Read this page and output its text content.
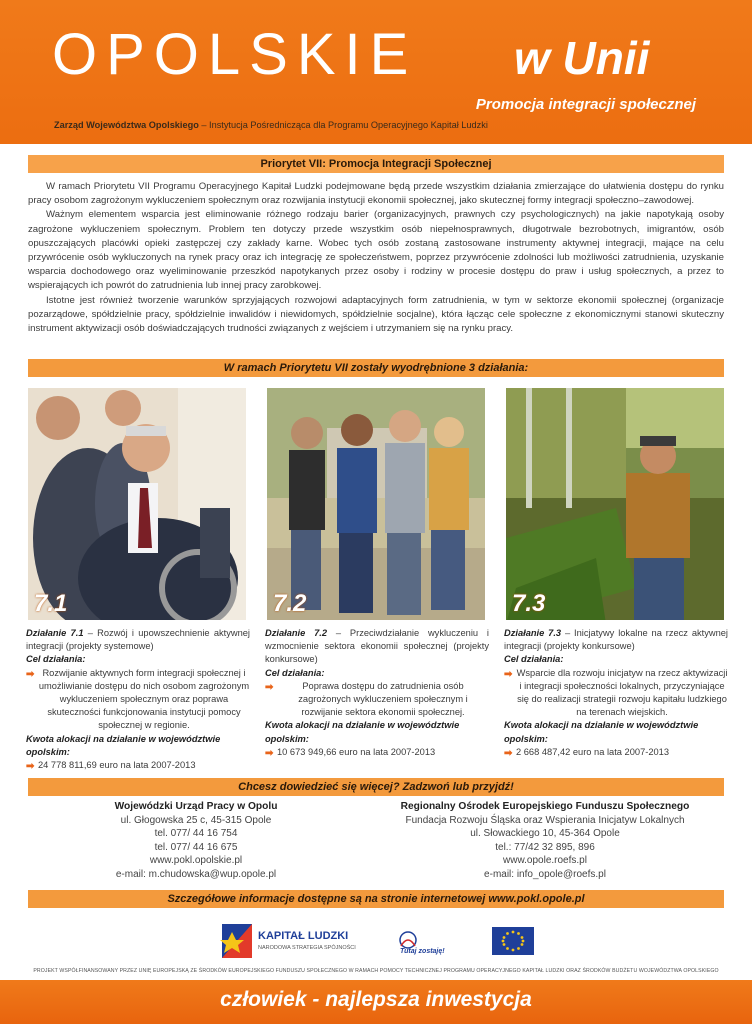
OPOLSKIE w Unii
Promocja integracji społecznej
Zarząd Województwa Opolskiego – Instytucja Pośrednicząca dla Programu Operacyjnego Kapitał Ludzki
Priorytet VII: Promocja Integracji Społecznej

W ramach Priorytetu VII Programu Operacyjnego Kapitał Ludzki podejmowane będą przede wszystkim działania zmierzające do ułatwienia dostępu do rynku pracy osobom zagrożonym wykluczeniem społecznym oraz rozwijania instytucji ekonomii społecznej, jako skutecznej formy integracji społeczno–zawodowej.

Ważnym elementem wsparcia jest eliminowanie różnego rodzaju barier (organizacyjnych, prawnych czy psychologicznych) na jakie napotykają osoby zagrożone wykluczeniem społecznym. Problem ten dotyczy przede wszystkim osób niepełnosprawnych, długotrwale bezrobotnych, imigrantów, osób opuszczających placówki opieki zastępczej czy zakłady karne. Wobec tych osób zostaną zastosowane instrumenty aktywnej integracji, mające na celu przywrócenie osób wykluczonych na rynek pracy oraz ich integrację ze społeczeństwem, poprzez przywrócenie zdolności lub możliwości zatrudnienia, uzyskanie wsparcia dochodowego oraz wyeliminowanie przeszkód napotykanych przez osoby i rodziny w procesie dostępu do praw i usług społecznych, a przez to wspierających ich powrót do zatrudnienia lub innej pracy zarobkowej.

Istotne jest również tworzenie warunków sprzyjających rozwojowi adaptacyjnych form zatrudnienia, w tym w sektorze ekonomii społecznej (organizacje pozarządowe, spółdzielnie pracy, spółdzielnie inwalidów i niewidomych, spółdzielnie socjalne), która łącząc cele społeczne z ekonomicznymi stanowi skuteczny instrument aktywizacji osób doświadczających trudności związanych z wejściem i utrzymaniem się na rynku pracy.

W ramach Priorytetu VII zostały wyodrębnione 3 działania:
7.1	7.2	7.3
Działanie 7.1 – Rozwój i upowszechnienie aktywnej integracji (projekty systemowe)
Cel działania:
➡ Rozwijanie aktywnych form integracji społecznej i umożliwianie dostępu do nich osobom zagrożonym wykluczeniem społecznym oraz poprawa skuteczności funkcjonowania instytucji pomocy społecznej w regionie.
Kwota alokacji na działanie w województwie opolskim:
➡ 24 778 811,69 euro na lata 2007-2013
Działanie 7.2 – Przeciwdziałanie wykluczeniu i wzmocnienie sektora ekonomii społecznej (projekty konkursowe)
Cel działania:
➡	Poprawa dostępu do zatrudnienia osób zagrożonych wykluczeniem społecznym i rozwijanie sektora ekonomii społecznej.
Kwota alokacji na działanie w województwie opolskim:
➡ 10 673 949,66 euro na lata 2007-2013
Działanie 7.3 – Inicjatywy lokalne na rzecz aktywnej integracji (projekty konkursowe)
Cel działania:
➡ Wsparcie dla rozwoju inicjatyw na rzecz aktywizacji i integracji społeczności lokalnych, przyczyniające się do realizacji strategii rozwoju kapitału ludzkiego na terenach wiejskich.
Kwota alokacji na działanie w województwie opolskim:
➡ 2 668 487,42 euro na lata 2007-2013
Chcesz dowiedzieć się więcej? Zadzwoń lub przyjdź!
Wojewódzki Urząd Pracy w Opolu
ul. Głogowska 25 c, 45-315 Opole
tel. 077/ 44 16 754
tel. 077/ 44 16 675
www.pokl.opolskie.pl
e-mail: m.chudowska@wup.opole.pl
Regionalny Ośrodek Europejskiego Funduszu Społecznego
Fundacja Rozwoju Śląska oraz Wspierania Inicjatyw Lokalnych
ul. Słowackiego 10, 45-364 Opole
tel.: 77/42 32 895, 896
www.opole.roefs.pl
e-mail: info_opole@roefs.pl
Szczegółowe informacje dostępne są na stronie internetowej www.pokl.opole.pl
KAPITAŁ LUDZKI
NARODOWA STRATEGIA SPÓJNOŚCI	Tutaj zostaję!
PROJEKT WSPÓŁFINANSOWANY PRZEZ UNIĘ EUROPEJSKĄ ZE ŚRODKÓW EUROPEJSKIEGO FUNDUSZU SPOŁECZNEGO W RAMACH POMOCY TECHNICZNEJ PROGRAMU OPERACYJNEGO KAPITAŁ LUDZKI ORAZ ŚRODKÓW BUDŻETU WOJEWÓDZTWA OPOLSKIEGO
człowiek - najlepsza inwestycja
